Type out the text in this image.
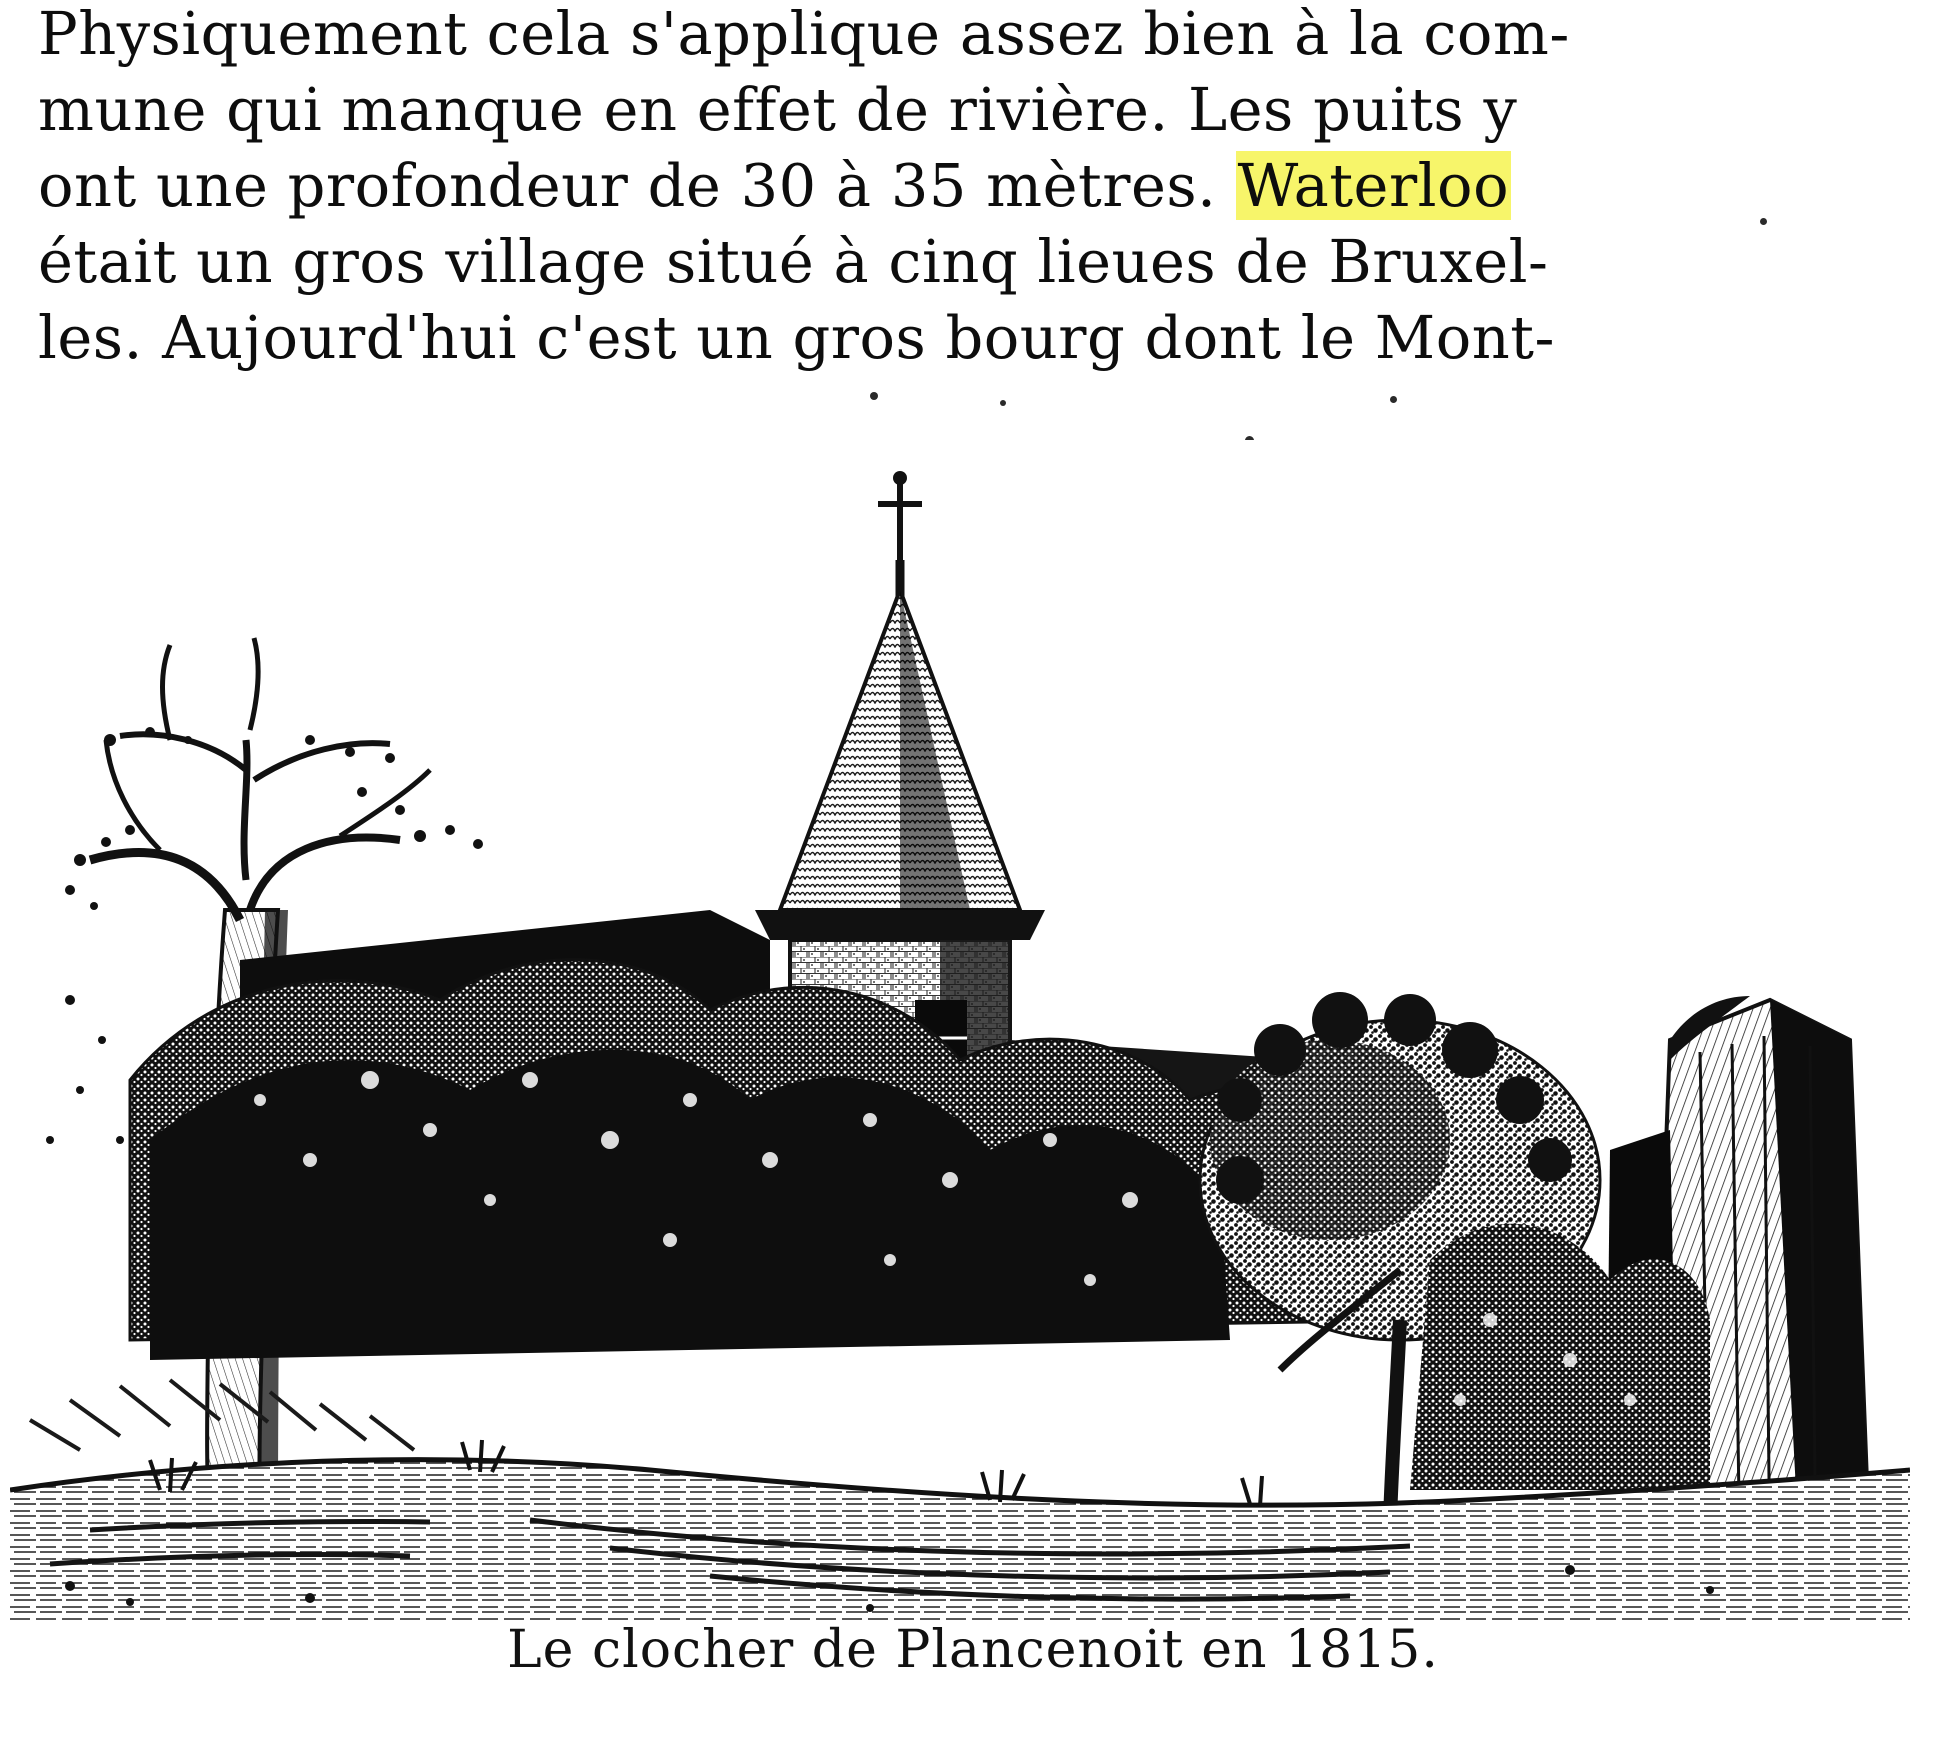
Physiquement cela s'applique assez bien à la com-
mune qui manque en effet de rivière. Les puits y
ont une profondeur de 30 à 35 mètres. Waterloo
était un gros village situé à cinq lieues de Bruxel-
les. Aujourd'hui c'est un gros bourg dont le Mont-
Le clocher de Plancenoit en 1815.
